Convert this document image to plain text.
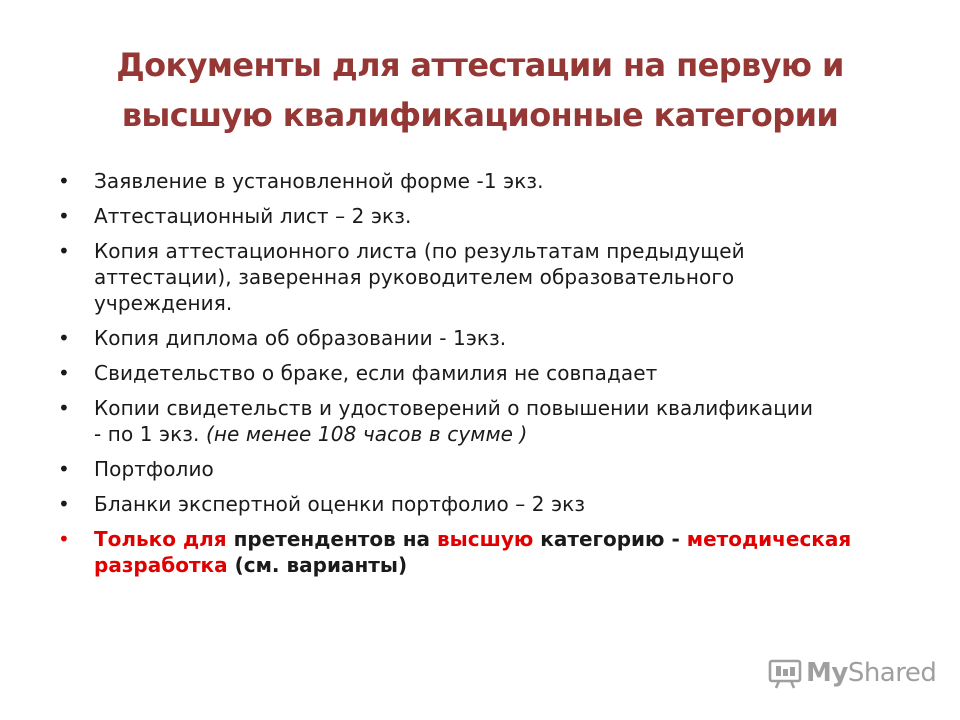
Документы для аттестации на первую и
высшую квалификационные категории
•	Заявление в установленной форме -1 экз.
•	Аттестационный лист – 2 экз.
•	Копия аттестационного листа (по результатам предыдущей
аттестации), заверенная руководителем образовательного
учреждения.
•	Копия диплома об образовании - 1экз.
•	Свидетельство о браке, если фамилия не совпадает
•	Копии свидетельств и удостоверений о повышении квалификации
- по 1 экз. (не менее 108 часов в сумме )
•	Портфолио
•	Бланки экспертной оценки портфолио – 2 экз
•	Только для претендентов на высшую категорию - методическая
разработка (см. варианты)
MyShared
